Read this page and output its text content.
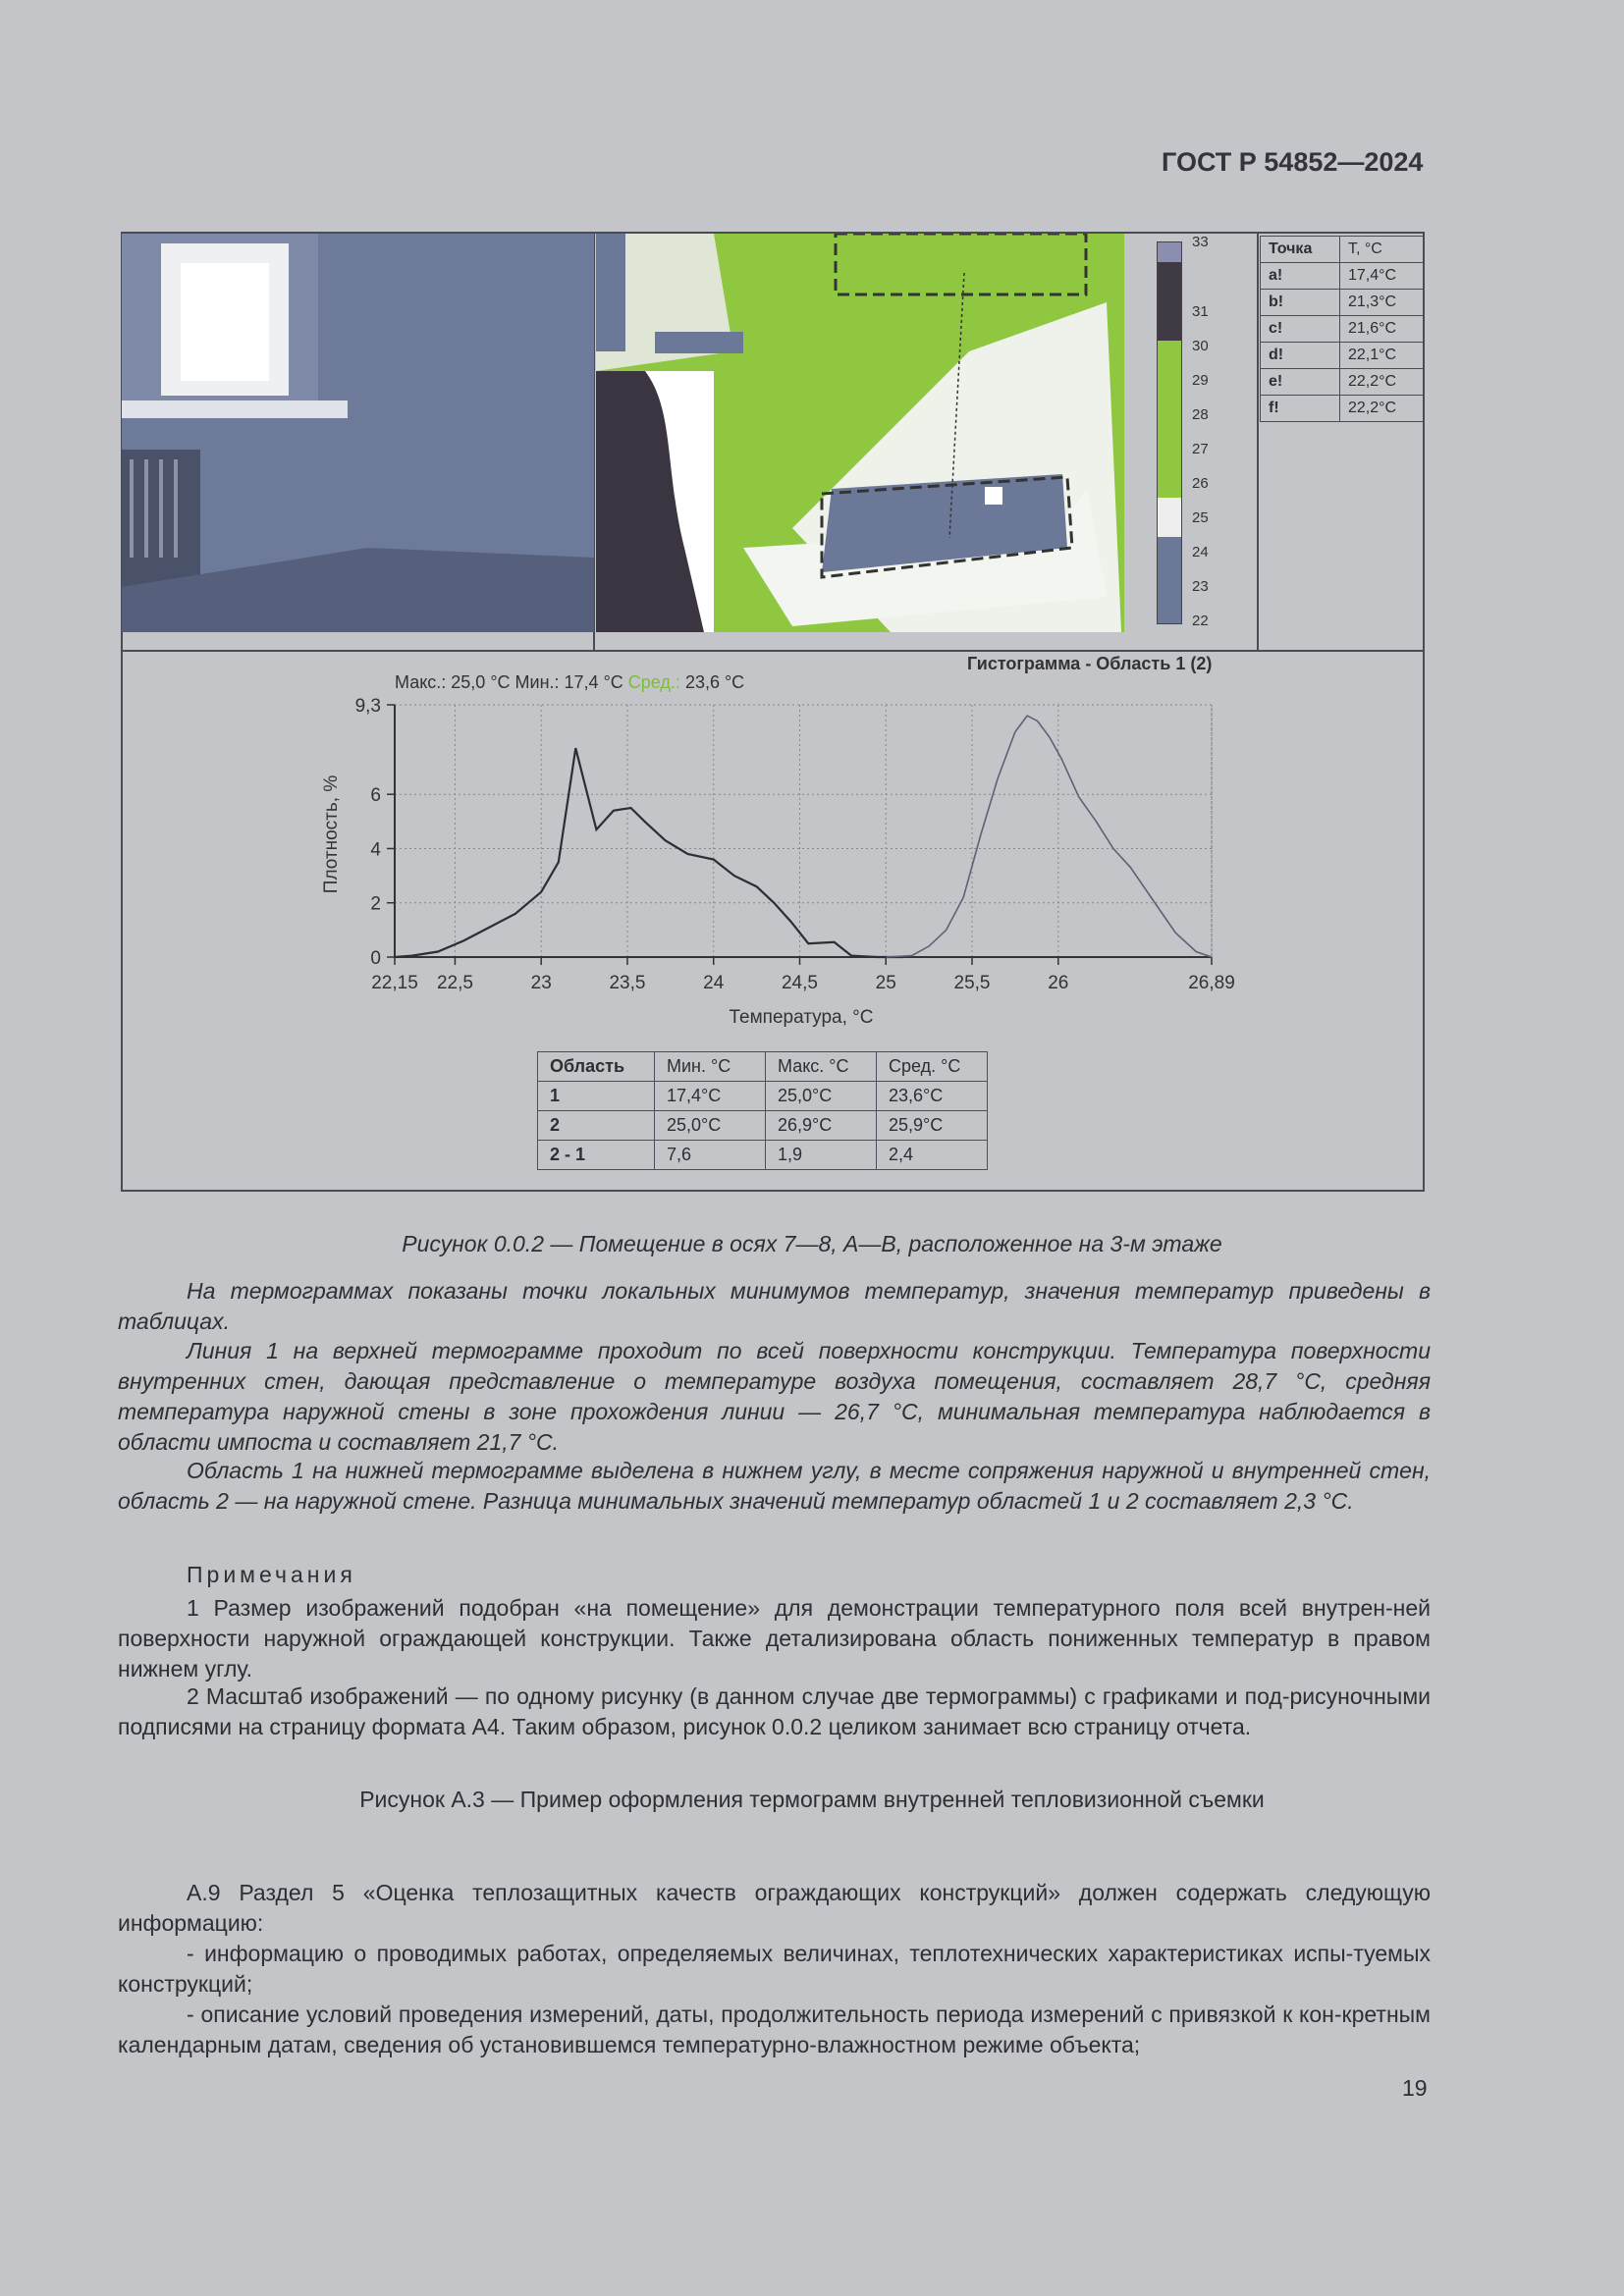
ГОСТ Р 54852—2024
33
31
30
29
28
27
26
25
24
23
22
Точка	T, °C
a!	17,4°C
b!	21,3°C
c!	21,6°C
d!	22,1°C
e!	22,2°C
f!	22,2°C
Гистограмма - Область 1 (2)
Макс.: 25,0 °C Мин.: 17,4 °C Сред.: 23,6 °C
22,15 22,5	23	23,5	24	24,5	25	25,5	26	26,89
0
2
4
6
9,3
Температура, °C
Плотность, %
Область	Мин. °С	Макс. °С	Сред. °С
1	17,4°С	25,0°С	23,6°С
2	25,0°С	26,9°С	25,9°С
2 - 1	7,6	1,9	2,4
Рисунок 0.0.2 — Помещение в осях 7—8, А—В, расположенное на 3-м этаже
На термограммах показаны точки локальных минимумов температур, значения температур приведены в таблицах.
Линия 1 на верхней термограмме проходит по всей поверхности конструкции. Температура поверхности внутренних стен, дающая представление о температуре воздуха помещения, составляет 28,7 °С, средняя температура наружной стены в зоне прохождения линии — 26,7 °С, минимальная температура наблюдается в области импоста и составляет 21,7 °С.
Область 1 на нижней термограмме выделена в нижнем углу, в месте сопряжения наружной и внутренней стен, область 2 — на наружной стене. Разница минимальных значений температур областей 1 и 2 составляет 2,3 °С.
Примечания
1 Размер изображений подобран «на помещение» для демонстрации температурного поля всей внутрен-ней поверхности наружной ограждающей конструкции. Также детализирована область пониженных температур в правом нижнем углу.
2 Масштаб изображений — по одному рисунку (в данном случае две термограммы) с графиками и под-рисуночными подписями на страницу формата А4. Таким образом, рисунок 0.0.2 целиком занимает всю страницу отчета.
Рисунок А.3 — Пример оформления термограмм внутренней тепловизионной съемки
А.9 Раздел 5 «Оценка теплозащитных качеств ограждающих конструкций» должен содержать следующую информацию:
- информацию о проводимых работах, определяемых величинах, теплотехнических характеристиках испы-туемых конструкций;
- описание условий проведения измерений, даты, продолжительность периода измерений с привязкой к кон-кретным календарным датам, сведения об установившемся температурно-влажностном режиме объекта;
19
